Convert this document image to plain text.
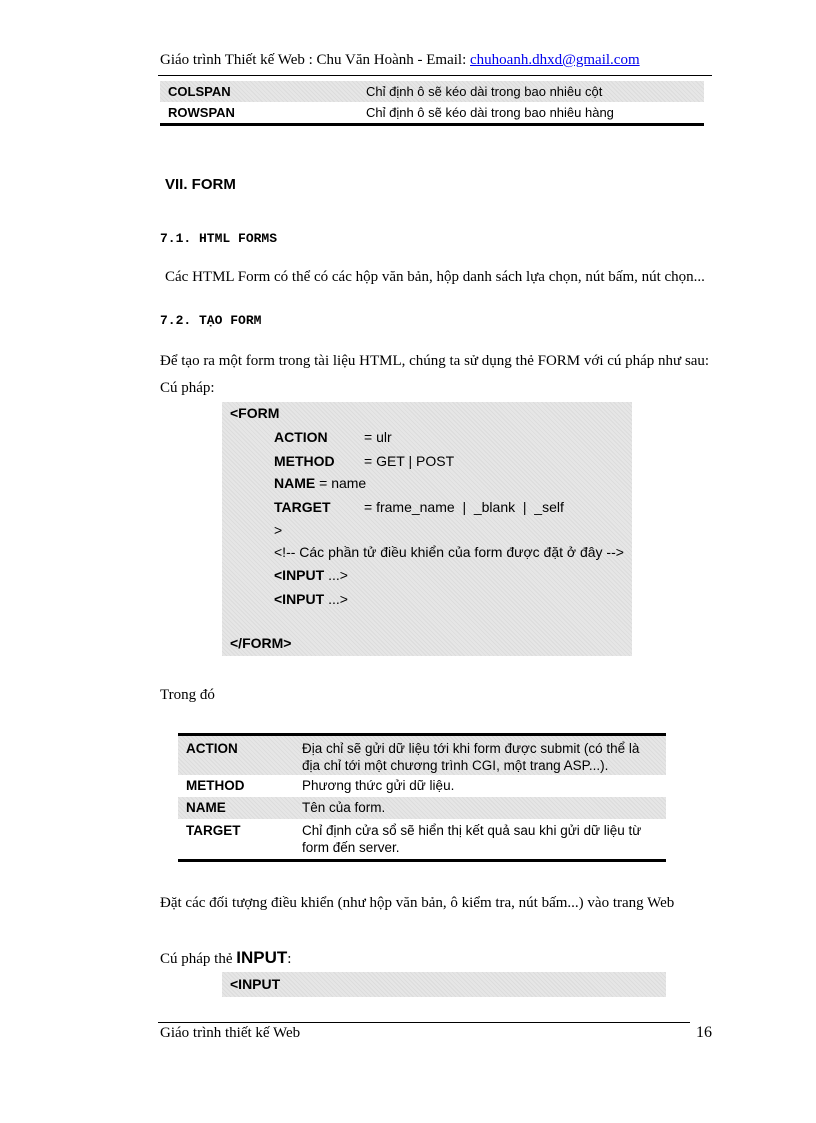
Giáo trình Thiết kế Web : Chu Văn Hoành - Email: chuhoanh.dhxd@gmail.com
COLSPAN	Chỉ định ô sẽ kéo dài trong bao nhiêu cột
ROWSPAN	Chỉ định ô sẽ kéo dài trong bao nhiêu hàng
VII. FORM
7.1. HTML FORMS
Các HTML Form có thể có các hộp văn bản, hộp danh sách lựa chọn, nút bấm, nút chọn...
7.2. TẠO FORM
Để tạo ra một form trong tài liệu HTML, chúng ta sử dụng thẻ FORM với cú pháp như sau:
Cú pháp:
<FORM
ACTION	= ulr
METHOD = GET | POST
NAME = name
TARGET = frame_name  |  _blank  |  _self
>
<!-- Các phần tử điều khiển của form được đặt ở đây -->
<INPUT ...>
<INPUT ...>
</FORM>
Trong đó
ACTION	Địa chỉ sẽ gửi dữ liệu tới khi form được submit (có thể là địa chỉ tới một chương trình CGI, một trang ASP...).
METHOD	Phương thức gửi dữ liệu.
NAME	Tên của form.
TARGET	Chỉ định cửa sổ sẽ hiển thị kết quả sau khi gửi dữ liệu từ form đến server.
Đặt các đối tượng điều khiển (như hộp văn bản, ô kiểm tra, nút bấm...) vào trang Web
Cú pháp thẻ INPUT:
<INPUT
Giáo trình thiết kế Web	16
